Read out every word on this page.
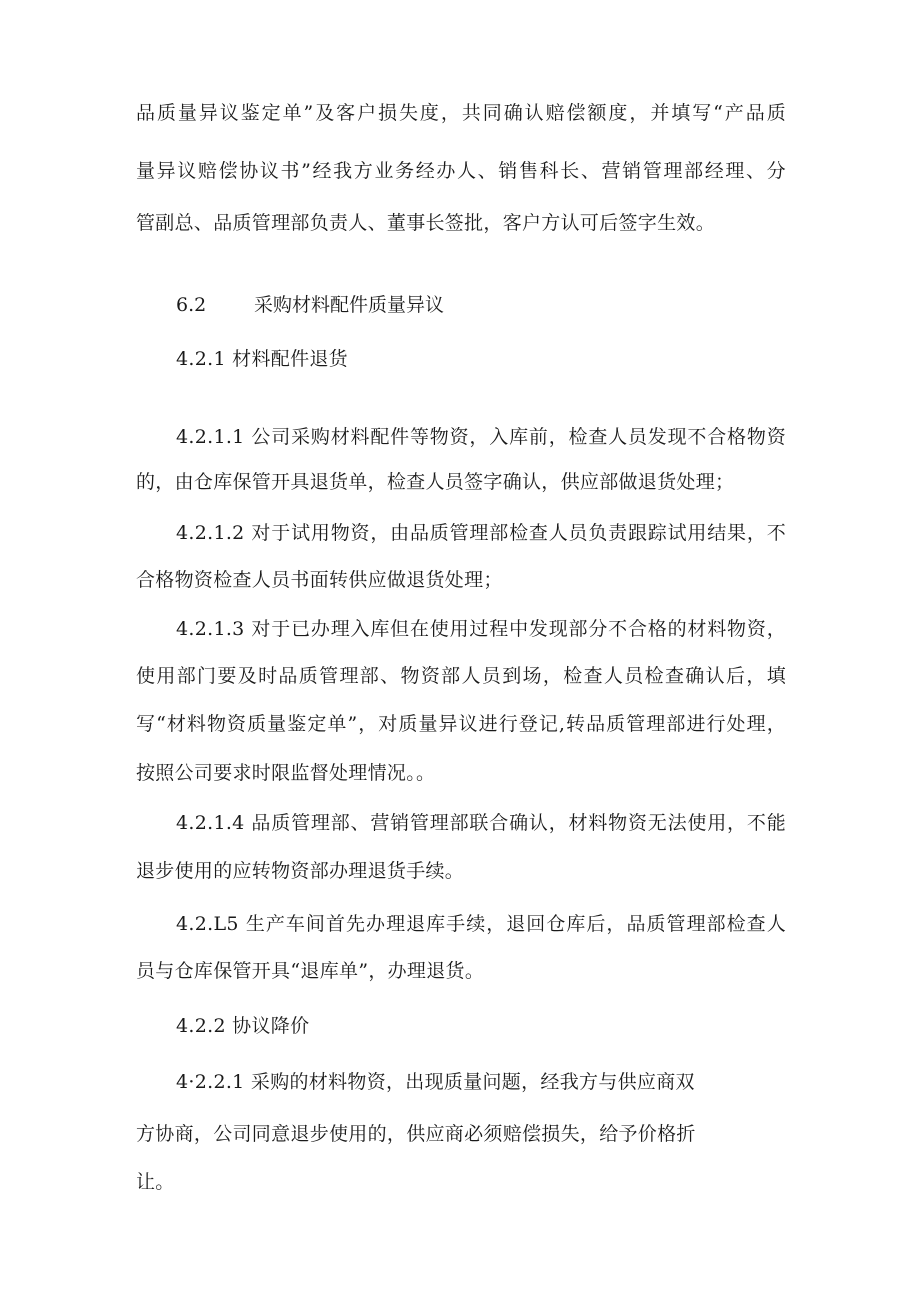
品质量异议鉴定单”及客户损失度，共同确认赔偿额度，并填写“产品质
量异议赔偿协议书”经我方业务经办人、销售科长、营销管理部经理、分
管副总、品质管理部负责人、董事长签批，客户方认可后签字生效。
6.2	采购材料配件质量异议
4.2.1 材料配件退货
4.2.1.1 公司采购材料配件等物资，入库前，检查人员发现不合格物资
的，由仓库保管开具退货单，检查人员签字确认，供应部做退货处理；
4.2.1.2 对于试用物资，由品质管理部检查人员负责跟踪试用结果，不
合格物资检查人员书面转供应做退货处理；
4.2.1.3 对于已办理入库但在使用过程中发现部分不合格的材料物资，
使用部门要及时品质管理部、物资部人员到场，检查人员检查确认后，填
写“材料物资质量鉴定单”，对质量异议进行登记,转品质管理部进行处理，
按照公司要求时限监督处理情况。。
4.2.1.4 品质管理部、营销管理部联合确认，材料物资无法使用，不能
退步使用的应转物资部办理退货手续。
4.2.L5 生产车间首先办理退库手续，退回仓库后，品质管理部检查人
员与仓库保管开具“退库单”，办理退货。
4.2.2 协议降价
4·2.2.1 采购的材料物资，出现质量问题，经我方与供应商双
方协商，公司同意退步使用的，供应商必须赔偿损失，给予价格折
让。
